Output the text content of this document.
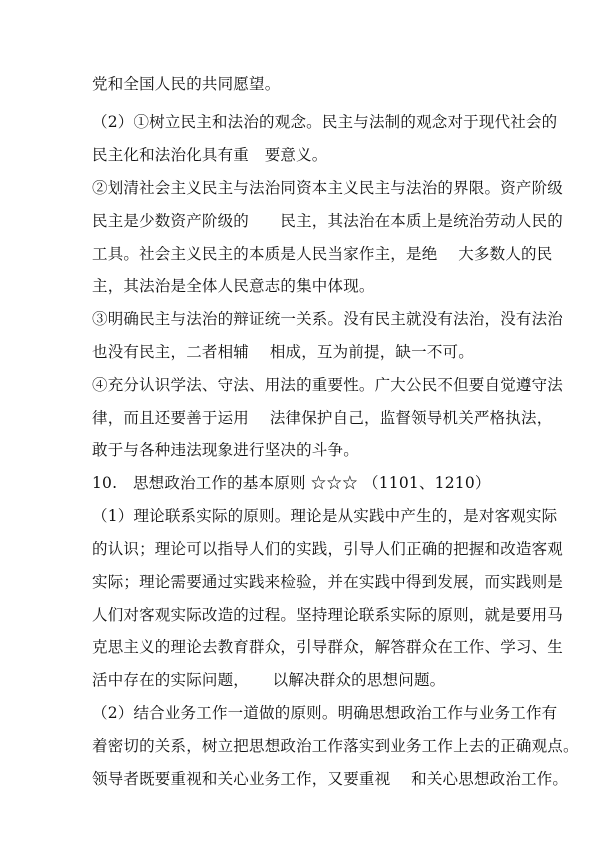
党和全国人民的共同愿望。
（2）①树立民主和法治的观念。民主与法制的观念对于现代社会的
民主化和法治化具有重　要意义。
②划清社会主义民主与法治同资本主义民主与法治的界限。资产阶级
民主是少数资产阶级的　　民主，其法治在本质上是统治劳动人民的
工具。社会主义民主的本质是人民当家作主，是绝　 大多数人的民
主，其法治是全体人民意志的集中体现。
③明确民主与法治的辩证统一关系。没有民主就没有法治，没有法治
也没有民主，二者相辅　 相成，互为前提，缺一不可。
④充分认识学法、守法、用法的重要性。广大公民不但要自觉遵守法
律，而且还要善于运用　 法律保护自己，监督领导机关严格执法，
敢于与各种违法现象进行坚决的斗争。
10.　思想政治工作的基本原则 ☆☆☆ （1101、1210）
（1）理论联系实际的原则。理论是从实践中产生的，是对客观实际
的认识；理论可以指导人们的实践，引导人们正确的把握和改造客观
实际；理论需要通过实践来检验，并在实践中得到发展，而实践则是
人们对客观实际改造的过程。坚持理论联系实际的原则，就是要用马
克思主义的理论去教育群众，引导群众，解答群众在工作、学习、生
活中存在的实际问题，　　以解决群众的思想问题。
（2）结合业务工作一道做的原则。明确思想政治工作与业务工作有
着密切的关系，树立把思想政治工作落实到业务工作上去的正确观点。
领导者既要重视和关心业务工作，又要重视　 和关心思想政治工作。
